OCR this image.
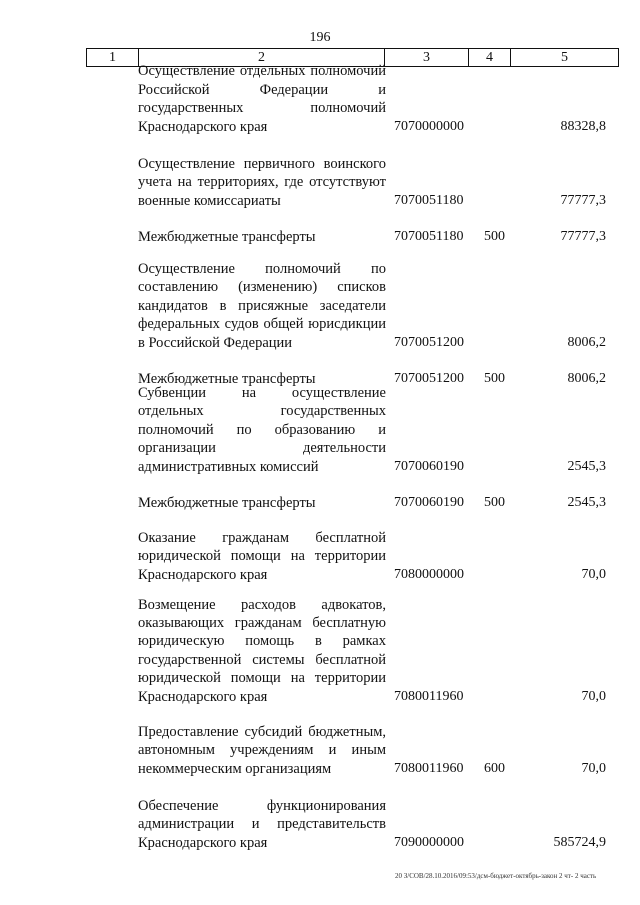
196
1	2	3	4	5
Осуществление отдельных полномочий Российской Федерации и государственных полномочий Краснодарского края	7070000000	88328,8
Осуществление первичного воинского учета на территориях, где отсутствуют военные комиссариаты	7070051180	77777,3
Межбюджетные трансферты	7070051180 500	77777,3
Осуществление полномочий по составлению (изменению) списков кандидатов в присяжные заседатели федеральных судов общей юрисдикции в Российской Федерации	7070051200	8006,2
Межбюджетные трансферты	7070051200 500	8006,2
Субвенции на осуществление отдельных государственных полномочий по образованию и организации деятельности административных комиссий	7070060190	2545,3
Межбюджетные трансферты	7070060190 500	2545,3
Оказание гражданам бесплатной юридической помощи на территории Краснодарского края	7080000000	70,0
Возмещение расходов адвокатов, оказывающих гражданам бесплатную юридическую помощь в рамках государственной системы бесплатной юридической помощи на территории Краснодарского края	7080011960	70,0
Предоставление субсидий бюджетным, автономным учреждениям и иным некоммерческим организациям	7080011960 600	70,0
Обеспечение функционирования администрации и представительств Краснодарского края	7090000000	585724,9
20 З/СОВ/28.10.2016/09:53/дсм-бюджет-октябрь-закон 2 чт- 2 часть
